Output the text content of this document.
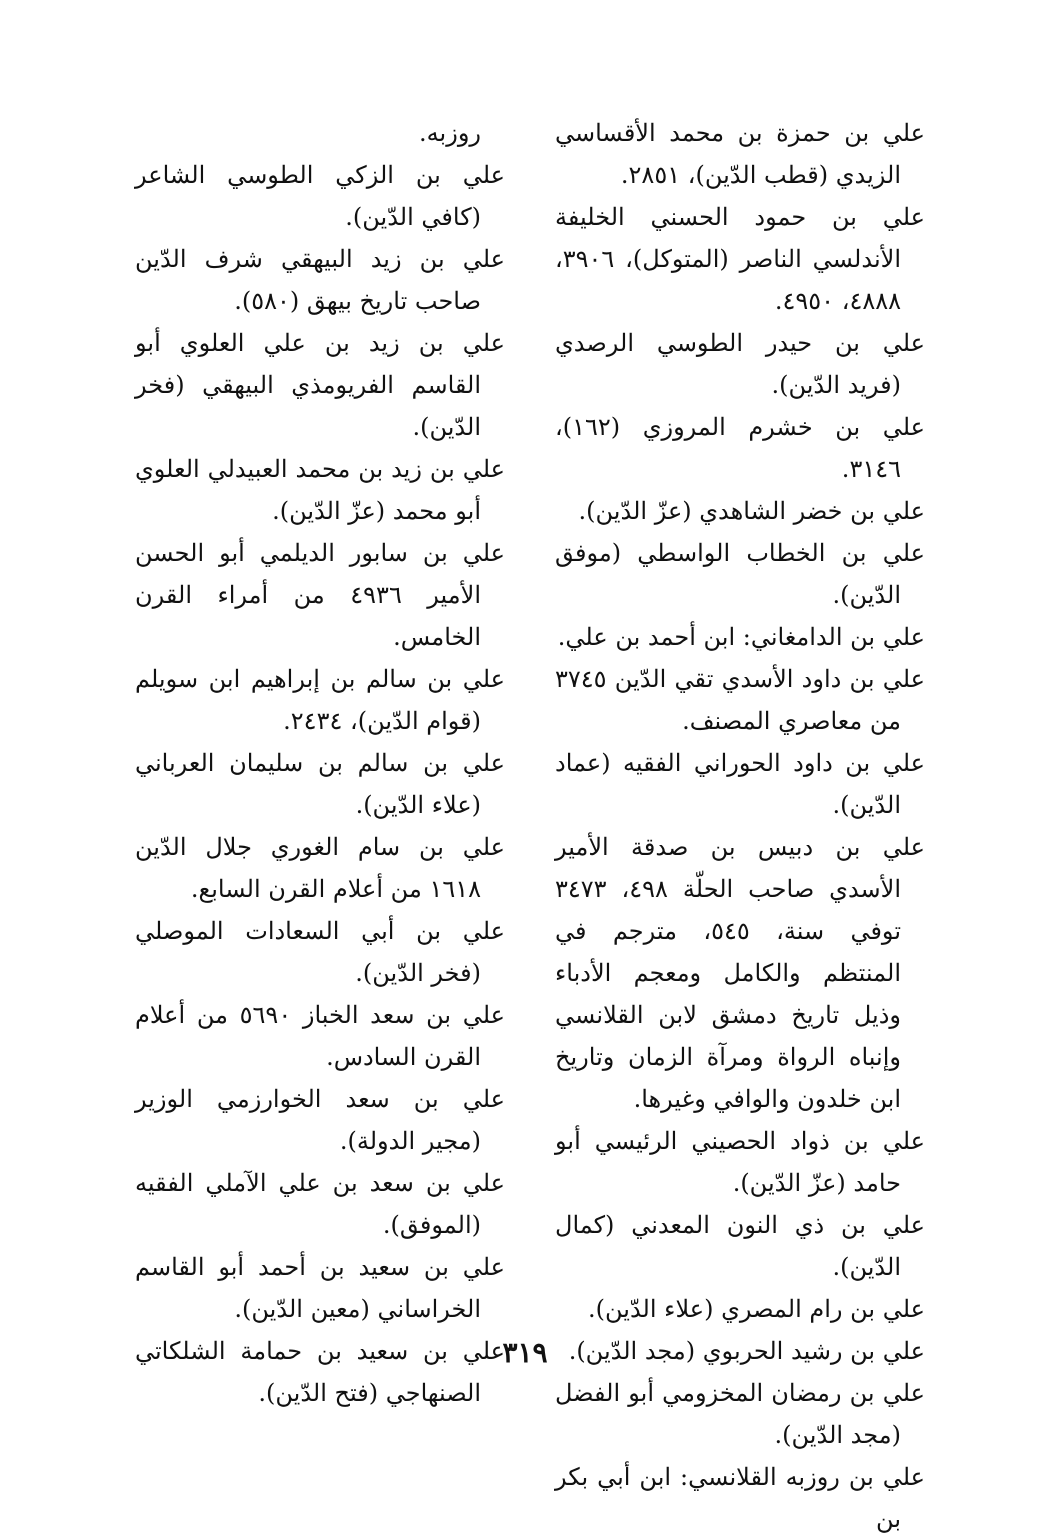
علي بن حمزة بن محمد الأقساسي الزيدي (قطب الدّين)، ٢٨٥١.

علي بن حمود الحسني الخليفة الأندلسي الناصر (المتوكل)، ٣٩٠٦، ٤٨٨٨، ٤٩٥٠.

علي بن حيدر الطوسي الرصدي (فريد الدّين).

علي بن خشرم المروزي (١٦٢)، ٣١٤٦.

علي بن خضر الشاهدي (عزّ الدّين).

علي بن الخطاب الواسطي (موفق الدّين).

علي بن الدامغاني: ابن أحمد بن علي.

علي بن داود الأسدي تقي الدّين ٣٧٤٥ من معاصري المصنف.

علي بن داود الحوراني الفقيه (عماد الدّين).

علي بن دبيس بن صدقة الأمير الأسدي صاحب الحلّة ٤٩٨، ٣٤٧٣ توفي سنة، ٥٤٥، مترجم في المنتظم والكامل ومعجم الأدباء وذيل تاريخ دمشق لابن القلانسي وإنباه الرواة ومرآة الزمان وتاريخ ابن خلدون والوافي وغيرها.

علي بن ذواد الحصيني الرئيسي أبو حامد (عزّ الدّين).

علي بن ذي النون المعدني (كمال الدّين).

علي بن رام المصري (علاء الدّين).

علي بن رشيد الحربوي (مجد الدّين).

علي بن رمضان المخزومي أبو الفضل (مجد الدّين).

علي بن روزبه القلانسي: ابن أبي بكر بن

روزبه.

علي بن الزكي الطوسي الشاعر (كافي الدّين).

علي بن زيد البيهقي شرف الدّين صاحب تاريخ بيهق (٥٨٠).

علي بن زيد بن علي العلوي أبو القاسم الفريومذي البيهقي (فخر الدّين).

علي بن زيد بن محمد العبيدلي العلوي أبو محمد (عزّ الدّين).

علي بن سابور الديلمي أبو الحسن الأمير ٤٩٣٦ من أمراء القرن الخامس.

علي بن سالم بن إبراهيم ابن سويلم (قوام الدّين)، ٢٤٣٤.

علي بن سالم بن سليمان العرباني (علاء الدّين).

علي بن سام الغوري جلال الدّين ١٦١٨ من أعلام القرن السابع.

علي بن أبي السعادات الموصلي (فخر الدّين).

علي بن سعد الخباز ٥٦٩٠ من أعلام القرن السادس.

علي بن سعد الخوارزمي الوزير (مجير الدولة).

علي بن سعد بن علي الآملي الفقيه (الموفق).

علي بن سعيد بن أحمد أبو القاسم الخراساني (معين الدّين).

علي بن سعيد بن حمامة الشلكاتي الصنهاجي (فتح الدّين).

٣١٩
